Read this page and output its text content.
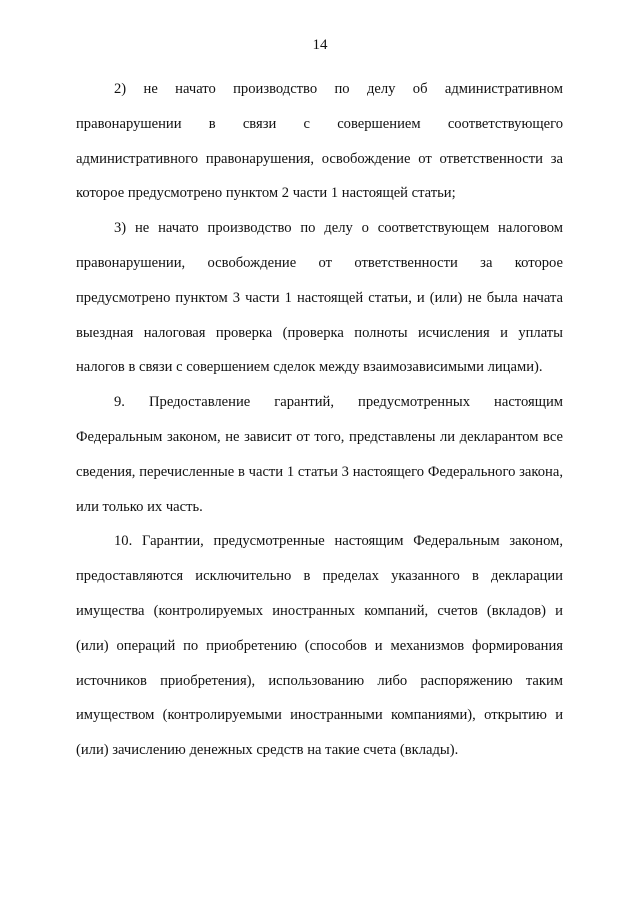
14

2) не начато производство по делу об административном правонарушении в связи с совершением соответствующего административного правонарушения, освобождение от ответственности за которое предусмотрено пунктом 2 части 1 настоящей статьи;

3) не начато производство по делу о соответствующем налоговом правонарушении, освобождение от ответственности за которое предусмотрено пунктом 3 части 1 настоящей статьи, и (или) не была начата выездная налоговая проверка (проверка полноты исчисления и уплаты налогов в связи с совершением сделок между взаимозависимыми лицами).

9. Предоставление гарантий, предусмотренных настоящим Федеральным законом, не зависит от того, представлены ли декларантом все сведения, перечисленные в части 1 статьи 3 настоящего Федерального закона, или только их часть.

10. Гарантии, предусмотренные настоящим Федеральным законом, предоставляются исключительно в пределах указанного в декларации имущества (контролируемых иностранных компаний, счетов (вкладов) и (или) операций по приобретению (способов и механизмов формирования источников приобретения), использованию либо распоряжению таким имуществом (контролируемыми иностранными компаниями), открытию и (или) зачислению денежных средств на такие счета (вклады).
